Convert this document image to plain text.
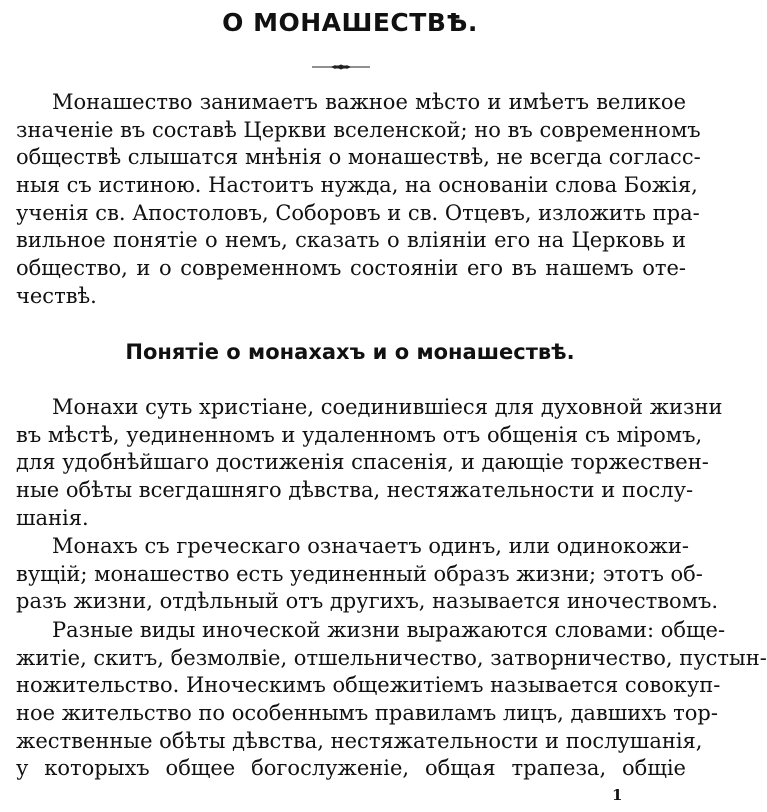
О МОНАШЕСТВѢ.
Монашество занимаетъ важное мѣсто и имѣетъ великое
значеніе въ составѣ Церкви вселенской; но въ современномъ
обществѣ слышатся мнѣнія о монашествѣ, не всегда согласс-
ныя съ истиною. Настоитъ нужда, на основаніи слова Божія,
ученія св. Апостоловъ, Соборовъ и св. Отцевъ, изложить пра-
вильное понятіе о немъ, сказать о вліяніи его на Церковь и
общество, и о современномъ состояніи его въ нашемъ оте-
чествѣ.
Понятіе о монахахъ и о монашествѣ.
Монахи суть христіане, соединившіеся для духовной жизни
въ мѣстѣ, уединенномъ и удаленномъ отъ общенія съ міромъ,
для удобнѣйшаго достиженія спасенія, и дающіе торжествен-
ные обѣты всегдашняго дѣвства, нестяжательности и послу-
шанія.
Монахъ съ греческаго означаетъ одинъ, или одинокожи-
вущій; монашество есть уединенный образъ жизни; этотъ об-
разъ жизни, отдѣльный отъ другихъ, называется иночествомъ.
Разные виды иноческой жизни выражаются словами: обще-
житіе, скитъ, безмолвіе, отшельничество, затворничество, пустын-
ножительство. Иноческимъ общежитіемъ называется совокуп-
ное жительство по особеннымъ правиламъ лицъ, давшихъ тор-
жественные обѣты дѣвства, нестяжательности и послушанія,
у которыхъ общее богослуженіе, общая трапеза, общіе
1
